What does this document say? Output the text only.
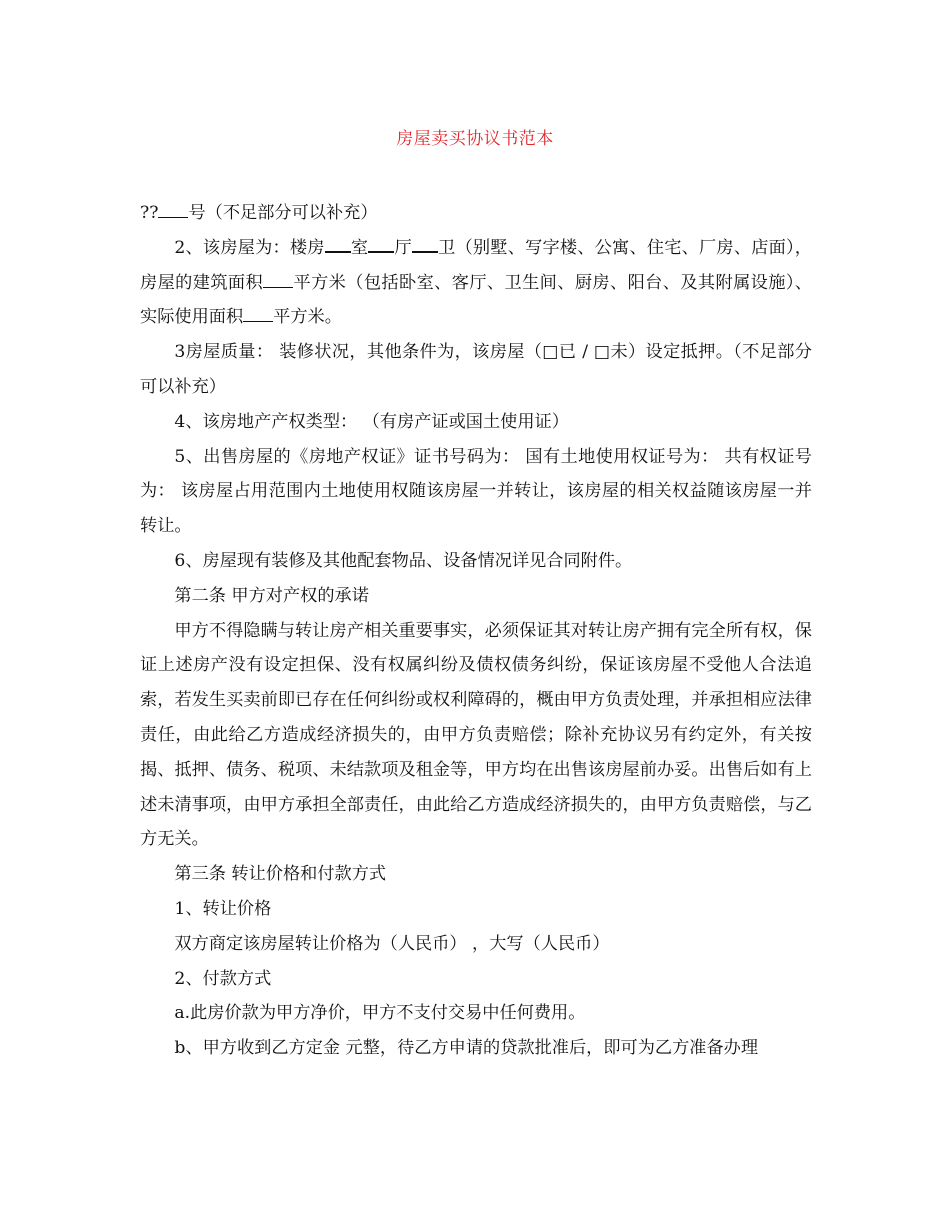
房屋卖买协议书范本

?? 号（不足部分可以补充）

2、该房屋为：楼房 室 厅 卫（别墅、写字楼、公寓、住宅、厂房、店面），房屋的建筑面积 平方米（包括卧室、客厅、卫生间、厨房、阳台、及其附属设施）、实际使用面积 平方米。

3房屋质量： 装修状况，其他条件为，该房屋（□已 / □未）设定抵押。（不足部分可以补充）

4、该房地产产权类型： （有房产证或国土使用证）

5、出售房屋的《房地产权证》证书号码为： 国有土地使用权证号为： 共有权证号为： 该房屋占用范围内土地使用权随该房屋一并转让，该房屋的相关权益随该房屋一并转让。

6、房屋现有装修及其他配套物品、设备情况详见合同附件。

第二条 甲方对产权的承诺

甲方不得隐瞒与转让房产相关重要事实，必须保证其对转让房产拥有完全所有权，保证上述房产没有设定担保、没有权属纠纷及债权债务纠纷，保证该房屋不受他人合法追索，若发生买卖前即已存在任何纠纷或权利障碍的，概由甲方负责处理，并承担相应法律责任，由此给乙方造成经济损失的，由甲方负责赔偿；除补充协议另有约定外，有关按揭、抵押、债务、税项、未结款项及租金等，甲方均在出售该房屋前办妥。出售后如有上述未清事项，由甲方承担全部责任，由此给乙方造成经济损失的，由甲方负责赔偿，与乙方无关。

第三条 转让价格和付款方式

1、转让价格

双方商定该房屋转让价格为（人民币） ，大写（人民币）

2、付款方式

a.此房价款为甲方净价，甲方不支付交易中任何费用。

b、甲方收到乙方定金 元整，待乙方申请的贷款批准后，即可为乙方准备办理
